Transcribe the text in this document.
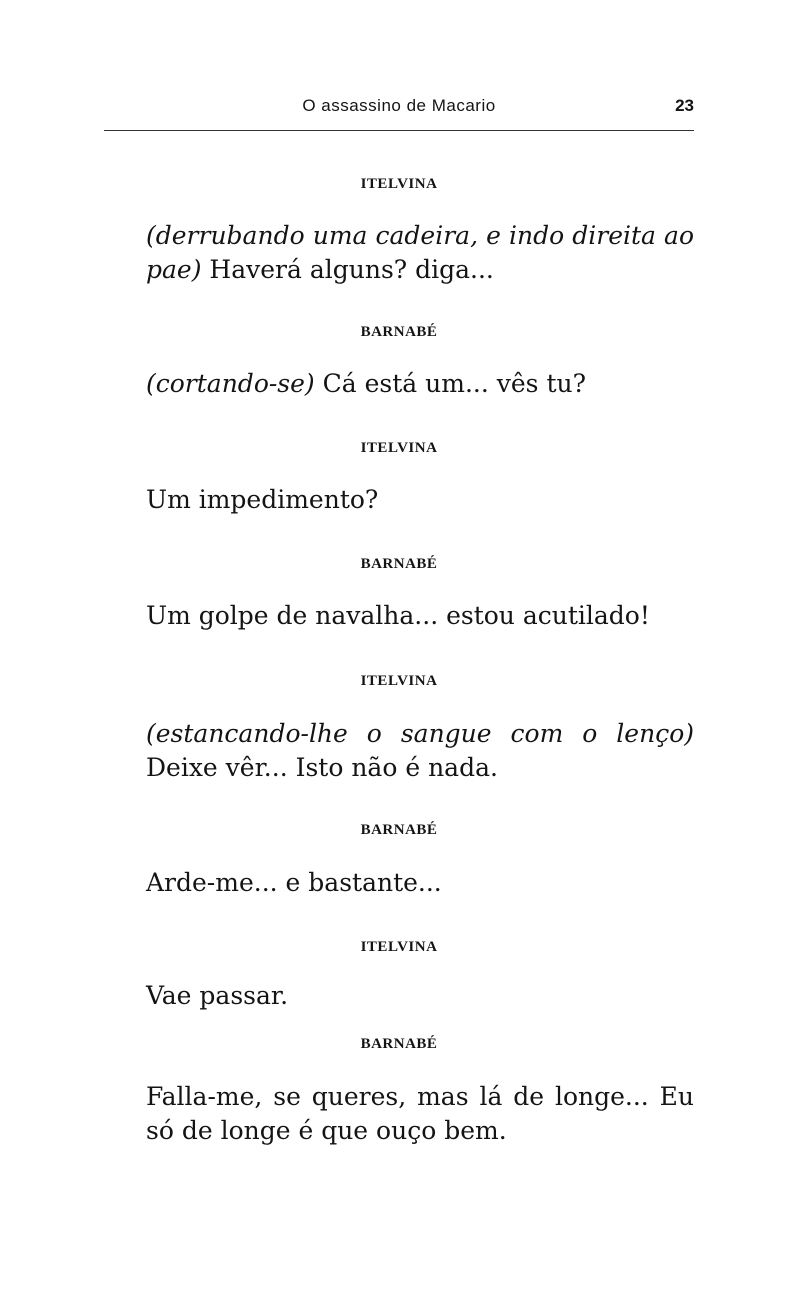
O assassino de Macario	23
ITELVINA
(derrubando uma cadeira, e indo direita ao pae) Haverá alguns? diga...
BARNABÉ
(cortando-se) Cá está um... vês tu?
ITELVINA
Um impedimento?
BARNABÉ
Um golpe de navalha... estou acutilado!
ITELVINA
(estancando-lhe o sangue com o lenço) Deixe vêr... Isto não é nada.
BARNABÉ
Arde-me... e bastante...
ITELVINA
Vae passar.
BARNABÉ
Falla-me, se queres, mas lá de longe... Eu só de longe é que ouço bem.
